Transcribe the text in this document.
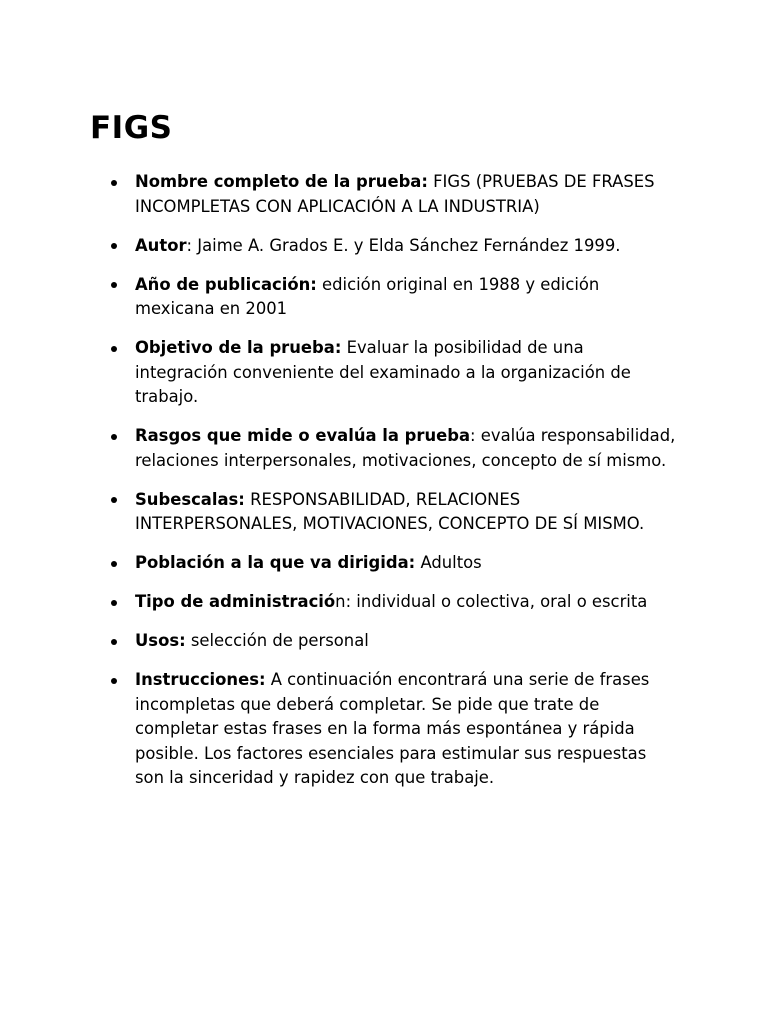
FIGS
Nombre completo de la prueba: FIGS (PRUEBAS DE FRASES INCOMPLETAS CON APLICACIÓN A LA INDUSTRIA)
Autor: Jaime A. Grados E. y Elda Sánchez Fernández 1999.
Año de publicación: edición original en 1988 y edición mexicana en 2001
Objetivo de la prueba: Evaluar la posibilidad de una integración conveniente del examinado a la organización de trabajo.
Rasgos que mide o evalúa la prueba: evalúa responsabilidad, relaciones interpersonales, motivaciones, concepto de sí mismo.
Subescalas: RESPONSABILIDAD, RELACIONES INTERPERSONALES, MOTIVACIONES, CONCEPTO DE SÍ MISMO.
Población a la que va dirigida: Adultos
Tipo de administración: individual o colectiva, oral o escrita
Usos: selección de personal
Instrucciones: A continuación encontrará una serie de frases incompletas que deberá completar. Se pide que trate de completar estas frases en la forma más espontánea y rápida posible. Los factores esenciales para estimular sus respuestas son la sinceridad y rapidez con que trabaje.
